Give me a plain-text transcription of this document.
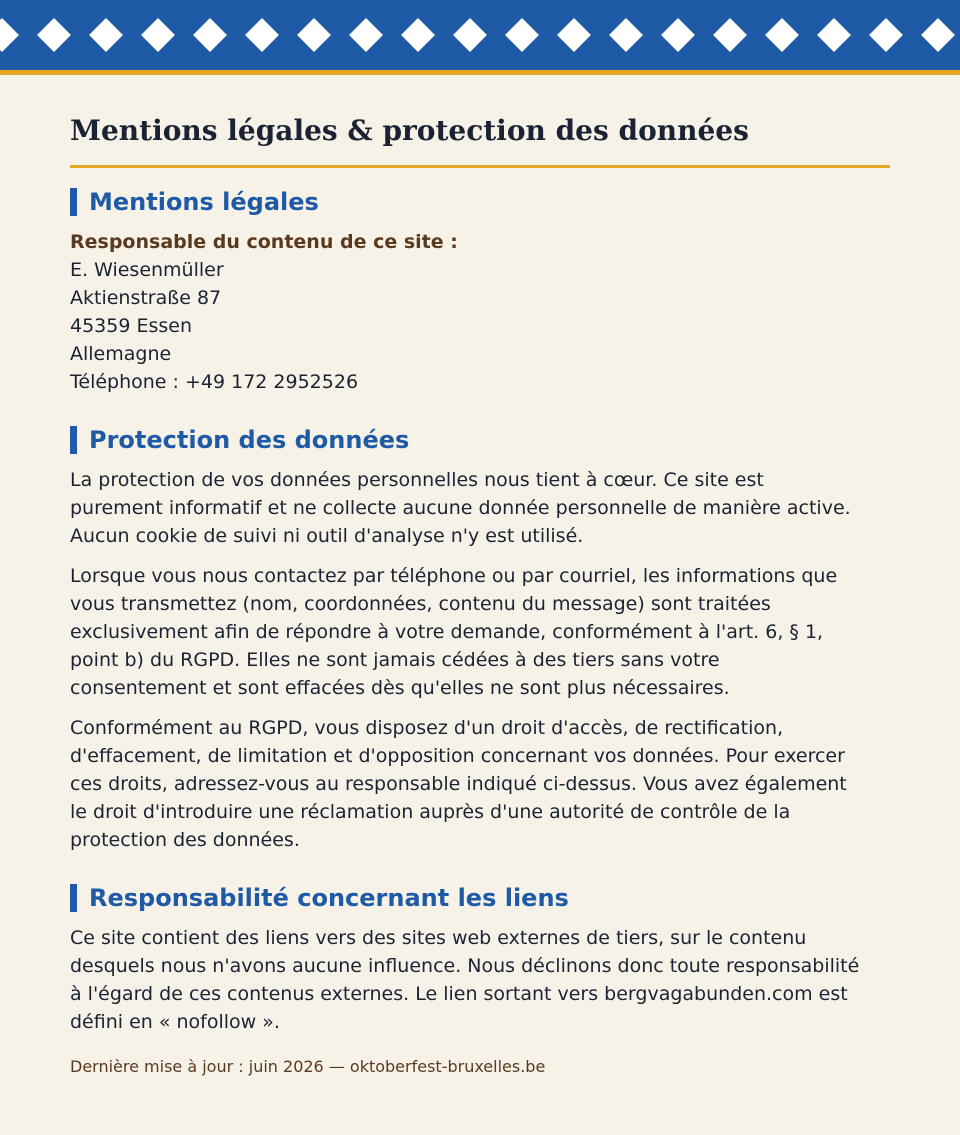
Mentions légales & protection des données
Mentions légales
Responsable du contenu de ce site :
E. Wiesenmüller
Aktienstraße 87
45359 Essen
Allemagne
Téléphone : +49 172 2952526
Protection des données

La protection de vos données personnelles nous tient à cœur. Ce site est purement informatif et ne collecte aucune donnée personnelle de manière active. Aucun cookie de suivi ni outil d'analyse n'y est utilisé.

Lorsque vous nous contactez par téléphone ou par courriel, les informations que vous transmettez (nom, coordonnées, contenu du message) sont traitées exclusivement afin de répondre à votre demande, conformément à l'art. 6, § 1, point b) du RGPD. Elles ne sont jamais cédées à des tiers sans votre consentement et sont effacées dès qu'elles ne sont plus nécessaires.

Conformément au RGPD, vous disposez d'un droit d'accès, de rectification, d'effacement, de limitation et d'opposition concernant vos données. Pour exercer ces droits, adressez-vous au responsable indiqué ci-dessus. Vous avez également le droit d'introduire une réclamation auprès d'une autorité de contrôle de la protection des données.

Responsabilité concernant les liens

Ce site contient des liens vers des sites web externes de tiers, sur le contenu desquels nous n'avons aucune influence. Nous déclinons donc toute responsabilité à l'égard de ces contenus externes. Le lien sortant vers bergvagabunden.com est défini en « nofollow ».

Dernière mise à jour : juin 2026 — oktoberfest-bruxelles.be
